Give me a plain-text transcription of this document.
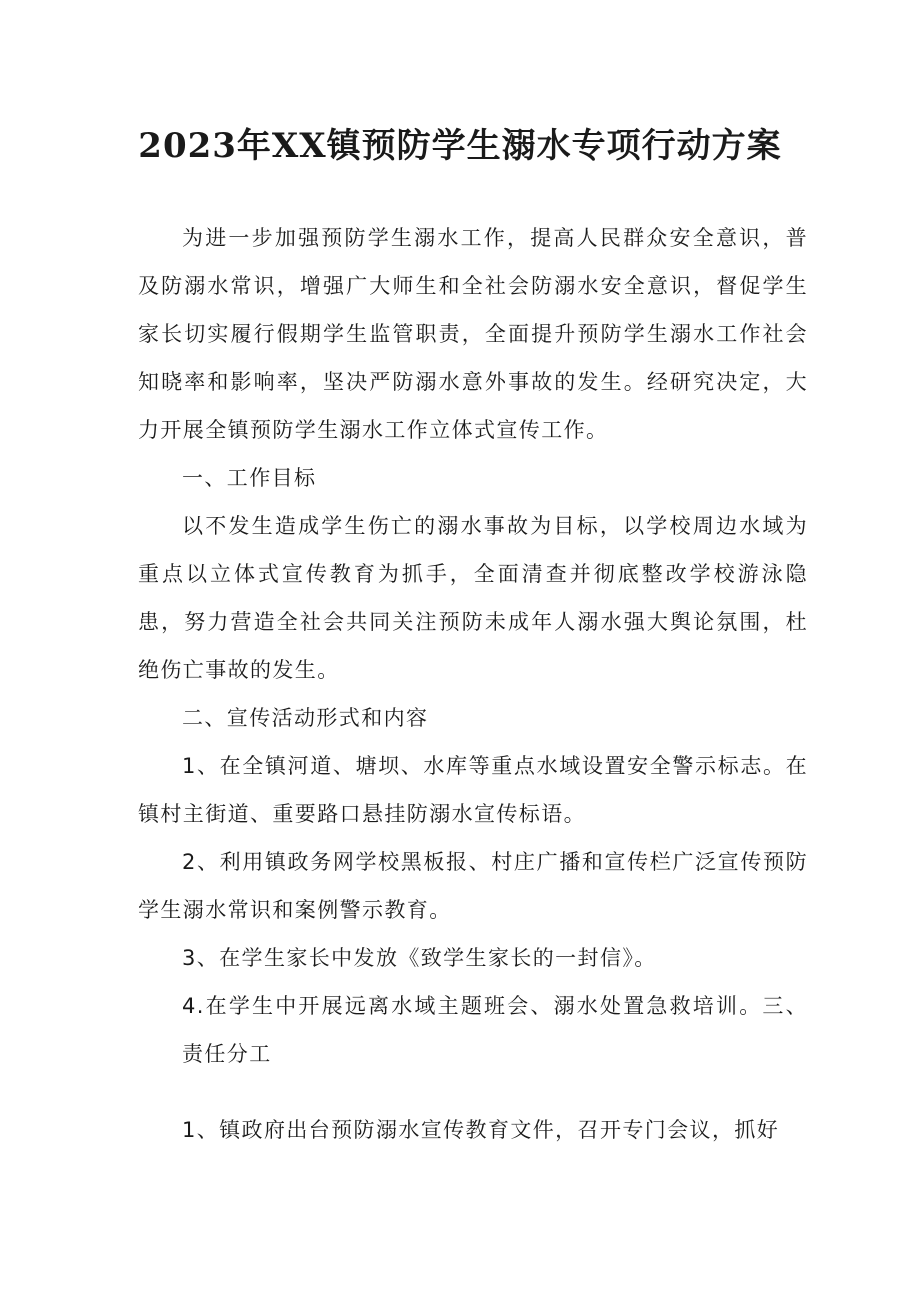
2023年XX镇预防学生溺水专项行动方案

为进一步加强预防学生溺水工作，提高人民群众安全意识，普及防溺水常识，增强广大师生和全社会防溺水安全意识，督促学生家长切实履行假期学生监管职责，全面提升预防学生溺水工作社会知晓率和影响率，坚决严防溺水意外事故的发生。经研究决定，大力开展全镇预防学生溺水工作立体式宣传工作。

一、工作目标

以不发生造成学生伤亡的溺水事故为目标，以学校周边水域为重点以立体式宣传教育为抓手，全面清查并彻底整改学校游泳隐患，努力营造全社会共同关注预防未成年人溺水强大舆论氛围，杜绝伤亡事故的发生。

二、宣传活动形式和内容

1、在全镇河道、塘坝、水库等重点水域设置安全警示标志。在镇村主街道、重要路口悬挂防溺水宣传标语。

2、利用镇政务网学校黑板报、村庄广播和宣传栏广泛宣传预防学生溺水常识和案例警示教育。

3、在学生家长中发放《致学生家长的一封信》。

4.在学生中开展远离水域主题班会、溺水处置急救培训。三、责任分工

1、镇政府出台预防溺水宣传教育文件，召开专门会议，抓好
